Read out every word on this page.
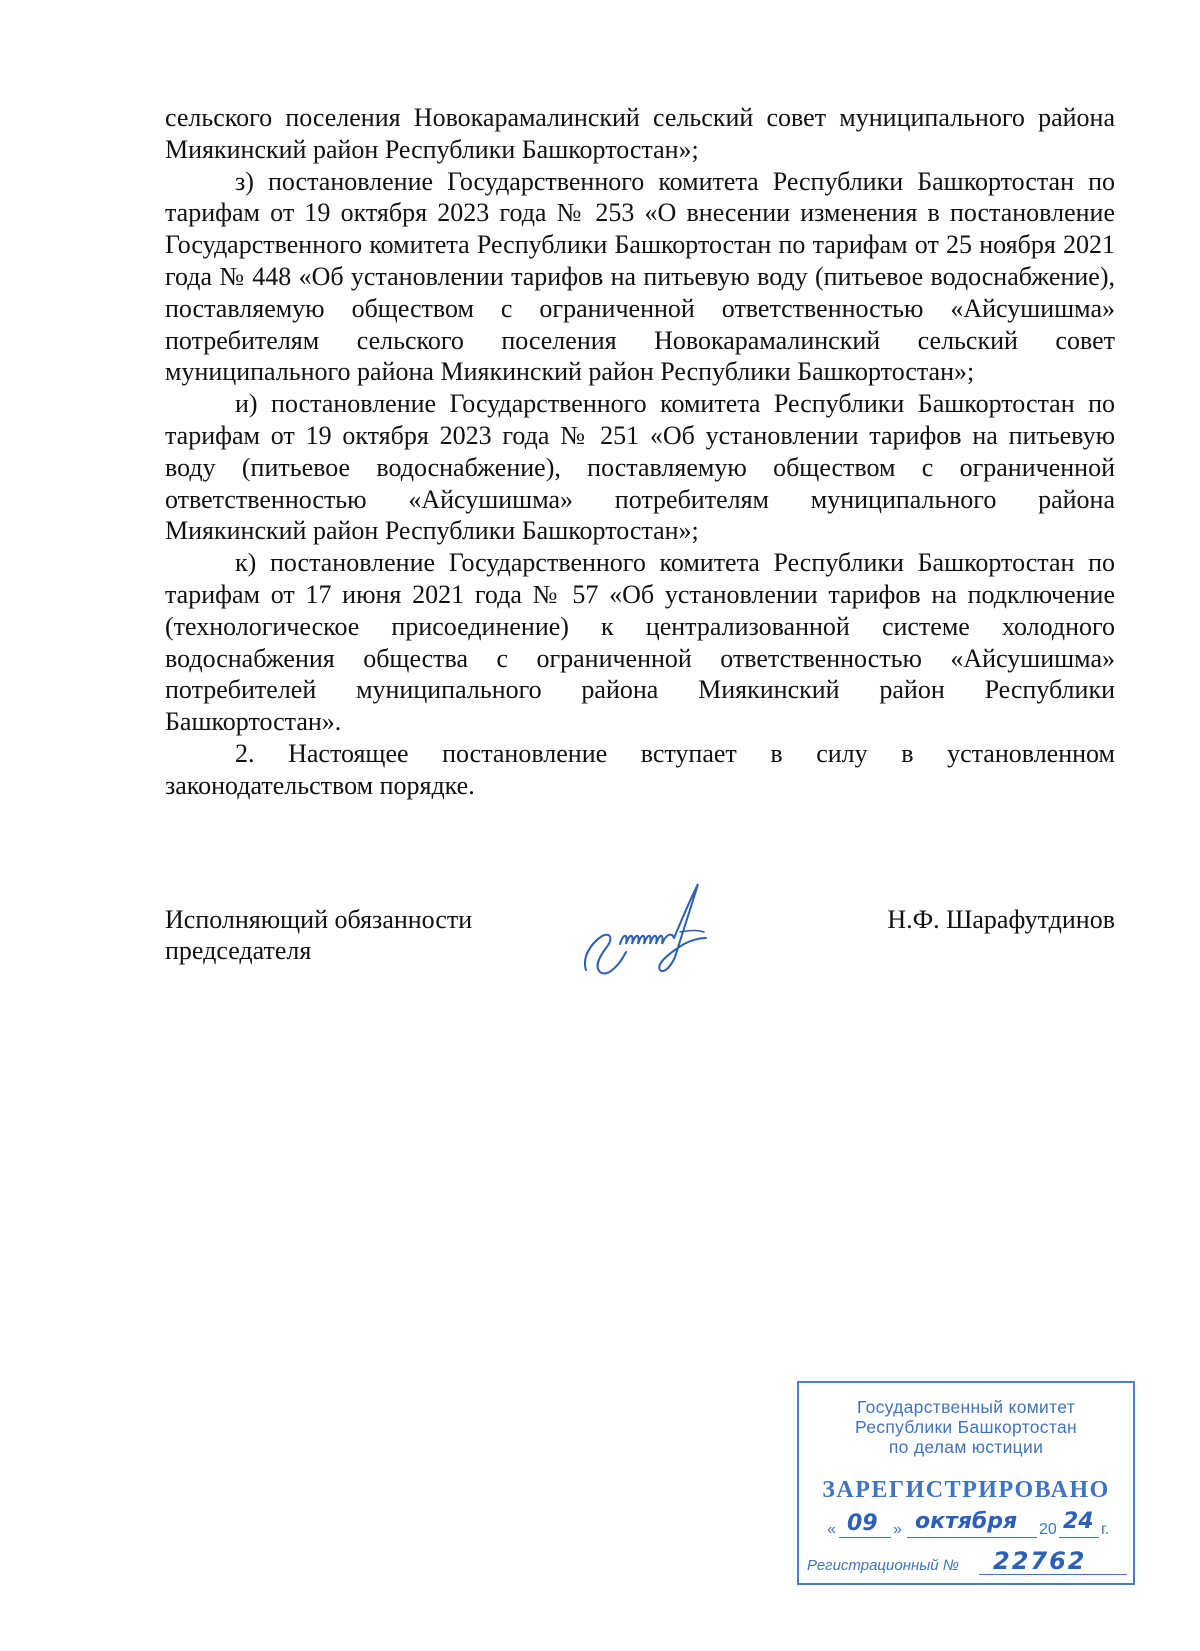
сельского поселения Новокарамалинский сельский совет муниципального района Миякинский район Республики Башкортостан»;

з) постановление Государственного комитета Республики Башкортостан по тарифам от 19 октября 2023 года № 253 «О внесении изменения в постановление Государственного комитета Республики Башкортостан по тарифам от 25 ноября 2021 года № 448 «Об установлении тарифов на питьевую воду (питьевое водоснабжение), поставляемую обществом с ограниченной ответственностью «Айсушишма» потребителям сельского поселения Новокарамалинский сельский совет муниципального района Миякинский район Республики Башкортостан»;

и) постановление Государственного комитета Республики Башкортостан по тарифам от 19 октября 2023 года № 251 «Об установлении тарифов на питьевую воду (питьевое водоснабжение), поставляемую обществом с ограниченной ответственностью «Айсушишма» потребителям муниципального района Миякинский район Республики Башкортостан»;

к) постановление Государственного комитета Республики Башкортостан по тарифам от 17 июня 2021 года № 57 «Об установлении тарифов на подключение (технологическое присоединение) к централизованной системе холодного водоснабжения общества с ограниченной ответственностью «Айсушишма» потребителей муниципального района Миякинский район Республики Башкортостан».

2. Настоящее постановление вступает в силу в установленном законодательством порядке.

Исполняющий обязанности
председателя
Н.Ф. Шарафутдинов
Государственный комитет
Республики Башкортостан
по делам юстиции
ЗАРЕГИСТРИРОВАНО
« 09 » октября 20 24 г.
Регистрационный № 22762
